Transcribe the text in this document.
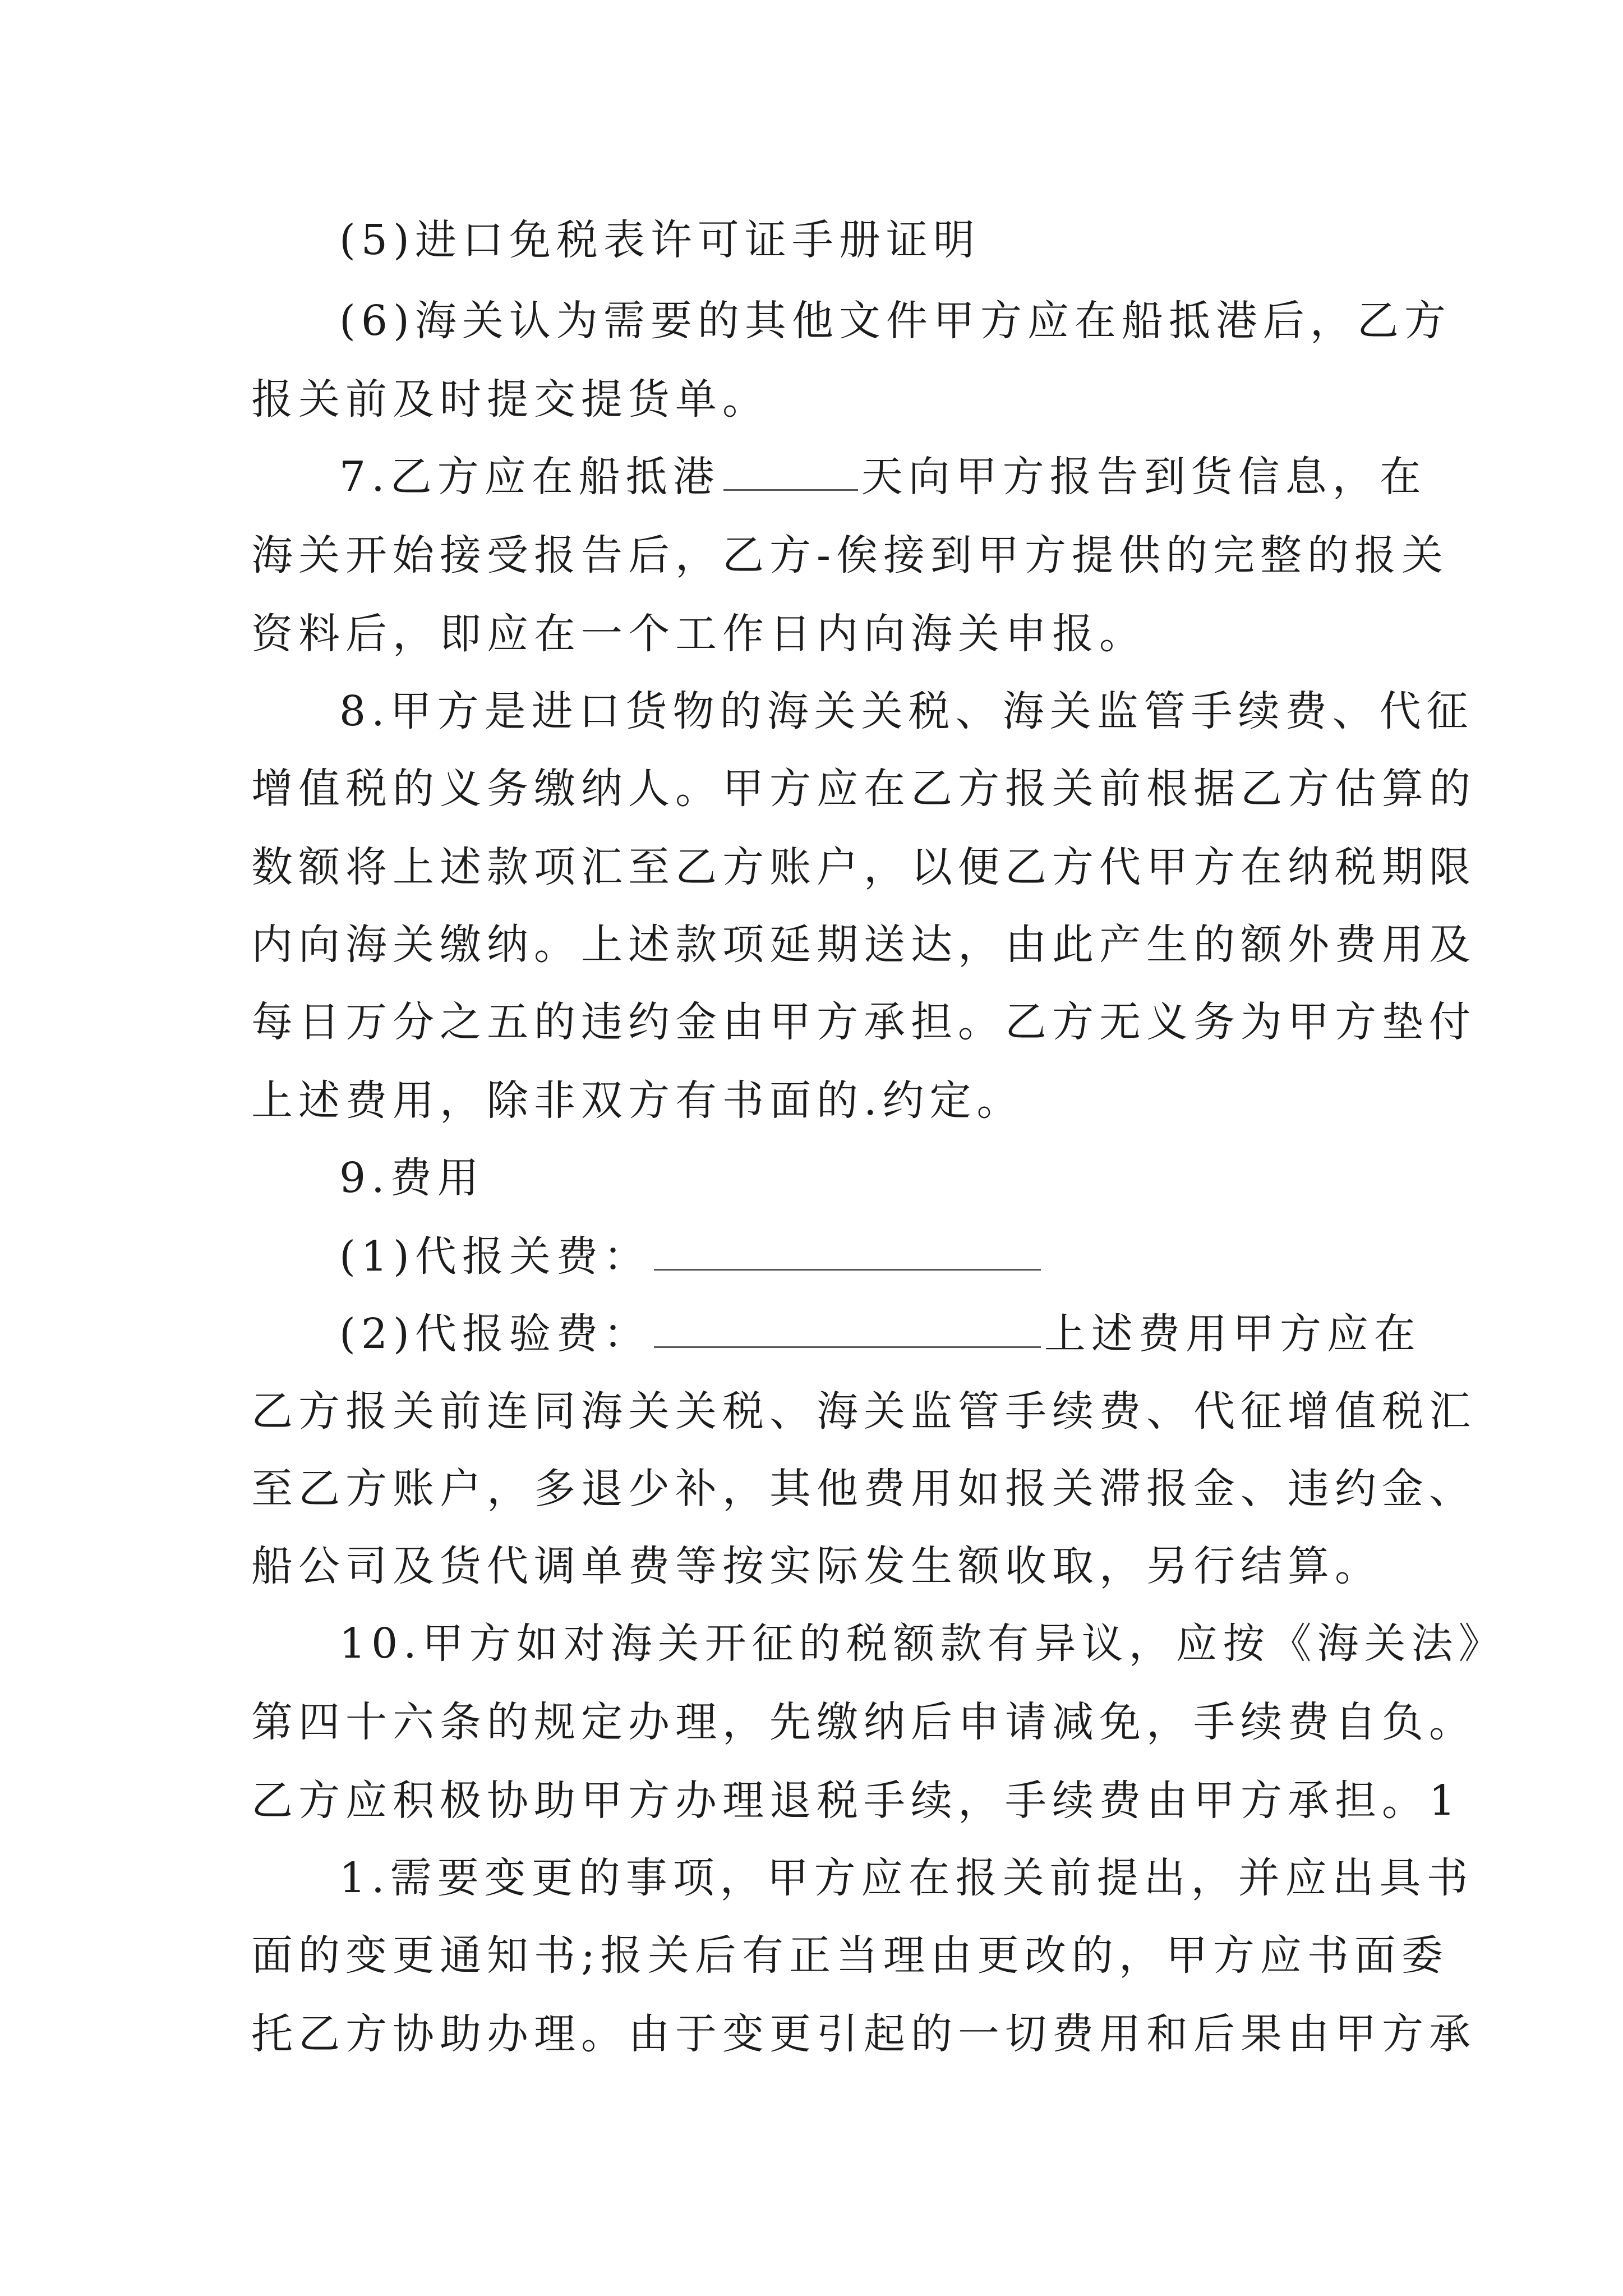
(5)进口免税表许可证手册证明
(6)海关认为需要的其他文件甲方应在船抵港后，乙方
报关前及时提交提货单。
7.乙方应在船抵港	天向甲方报告到货信息，在
海关开始接受报告后，乙方-俟接到甲方提供的完整的报关
资料后，即应在一个工作日内向海关申报。
8.甲方是进口货物的海关关税、海关监管手续费、代征
增值税的义务缴纳人。甲方应在乙方报关前根据乙方估算的
数额将上述款项汇至乙方账户，以便乙方代甲方在纳税期限
内向海关缴纳。上述款项延期送达，由此产生的额外费用及
每日万分之五的违约金由甲方承担。乙方无义务为甲方垫付
上述费用，除非双方有书面的.约定。
9.费用
(1)代报关费：
(2)代报验费：	上述费用甲方应在
乙方报关前连同海关关税、海关监管手续费、代征增值税汇
至乙方账户，多退少补，其他费用如报关滞报金、违约金、
船公司及货代调单费等按实际发生额收取，另行结算。
10.甲方如对海关开征的税额款有异议，应按《海关法》
第四十六条的规定办理，先缴纳后申请减免，手续费自负。
乙方应积极协助甲方办理退税手续，手续费由甲方承担。1
1.需要变更的事项，甲方应在报关前提出，并应出具书
面的变更通知书;报关后有正当理由更改的，甲方应书面委
托乙方协助办理。由于变更引起的一切费用和后果由甲方承
